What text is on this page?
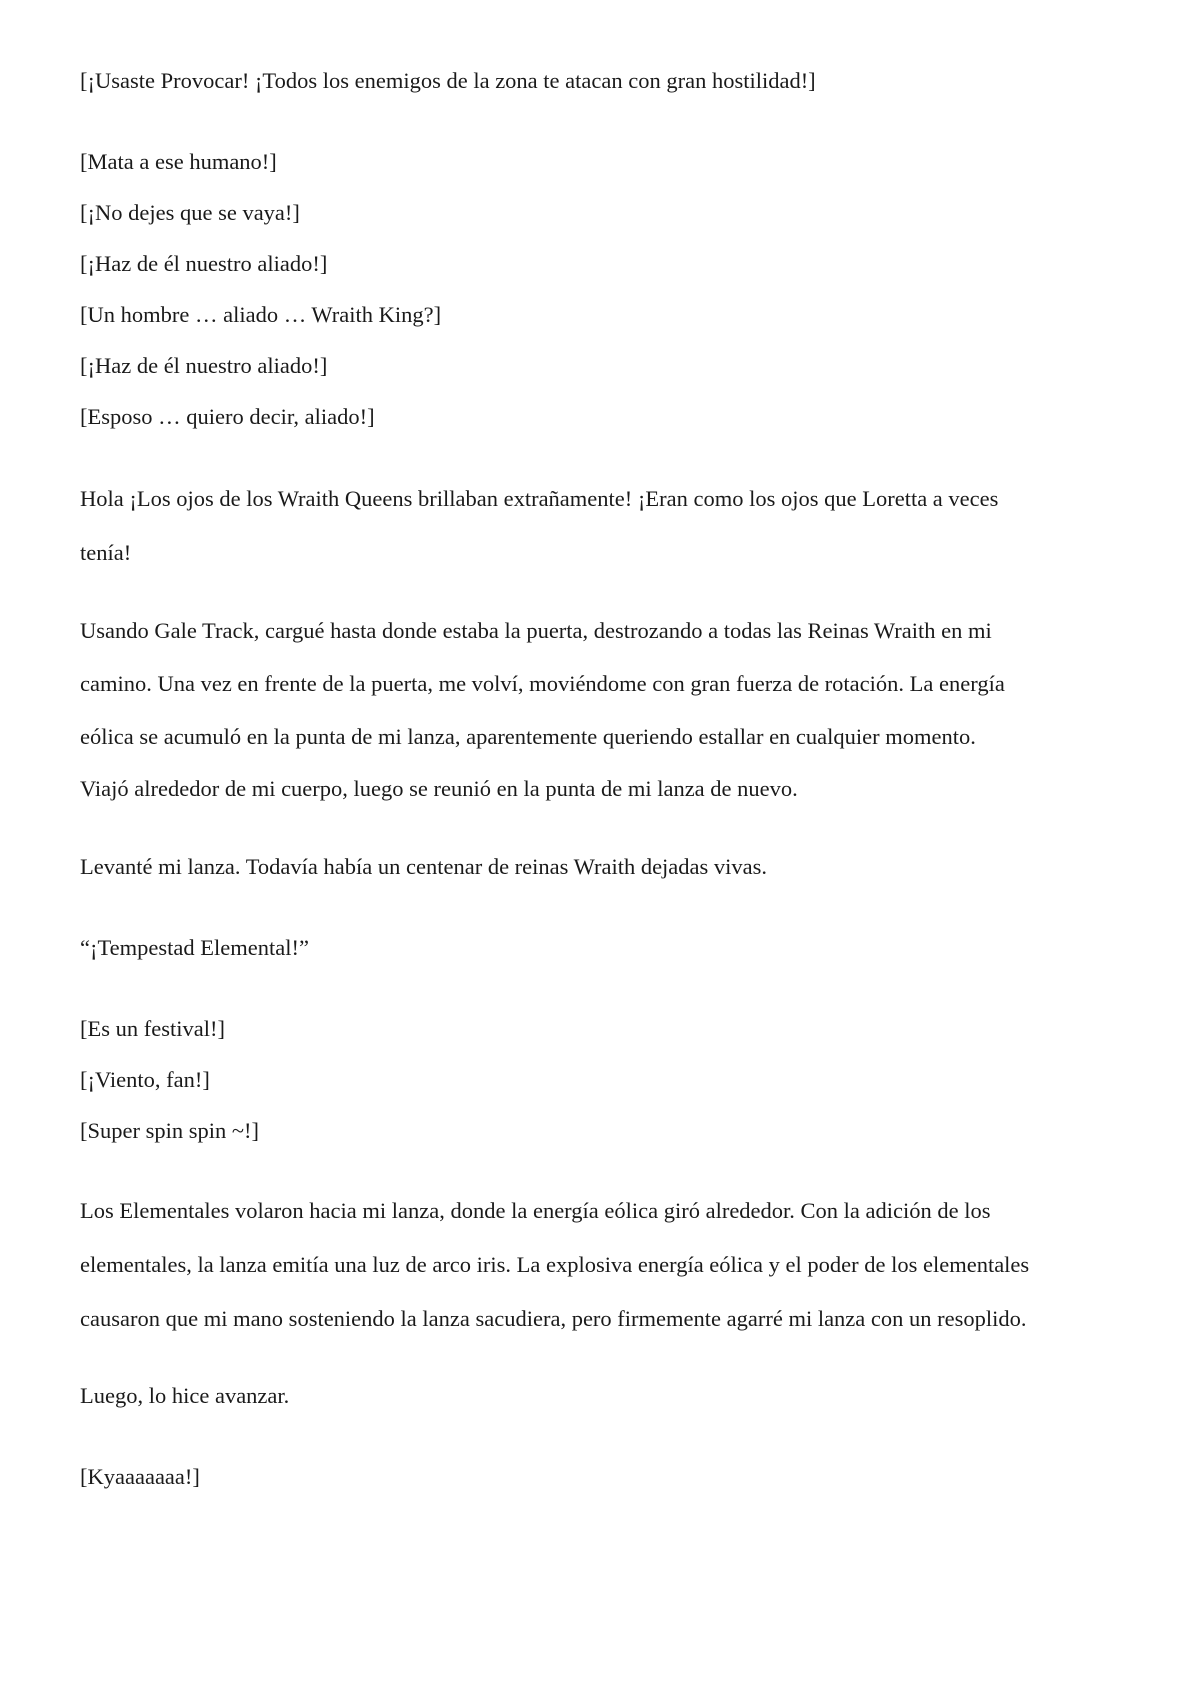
[¡Usaste Provocar! ¡Todos los enemigos de la zona te atacan con gran hostilidad!]
[Mata a ese humano!]
[¡No dejes que se vaya!]
[¡Haz de él nuestro aliado!]
[Un hombre … aliado … Wraith King?]
[¡Haz de él nuestro aliado!]
[Esposo … quiero decir, aliado!]
Hola ¡Los ojos de los Wraith Queens brillaban extrañamente! ¡Eran como los ojos que Loretta a veces
tenía!
Usando Gale Track, cargué hasta donde estaba la puerta, destrozando a todas las Reinas Wraith en mi
camino. Una vez en frente de la puerta, me volví, moviéndome con gran fuerza de rotación. La energía
eólica se acumuló en la punta de mi lanza, aparentemente queriendo estallar en cualquier momento.
Viajó alrededor de mi cuerpo, luego se reunió en la punta de mi lanza de nuevo.
Levanté mi lanza. Todavía había un centenar de reinas Wraith dejadas vivas.
“¡Tempestad Elemental!”
[Es un festival!]
[¡Viento, fan!]
[Super spin spin ~!]
Los Elementales volaron hacia mi lanza, donde la energía eólica giró alrededor. Con la adición de los
elementales, la lanza emitía una luz de arco iris. La explosiva energía eólica y el poder de los elementales
causaron que mi mano sosteniendo la lanza sacudiera, pero firmemente agarré mi lanza con un resoplido.
Luego, lo hice avanzar.
[Kyaaaaaaa!]
